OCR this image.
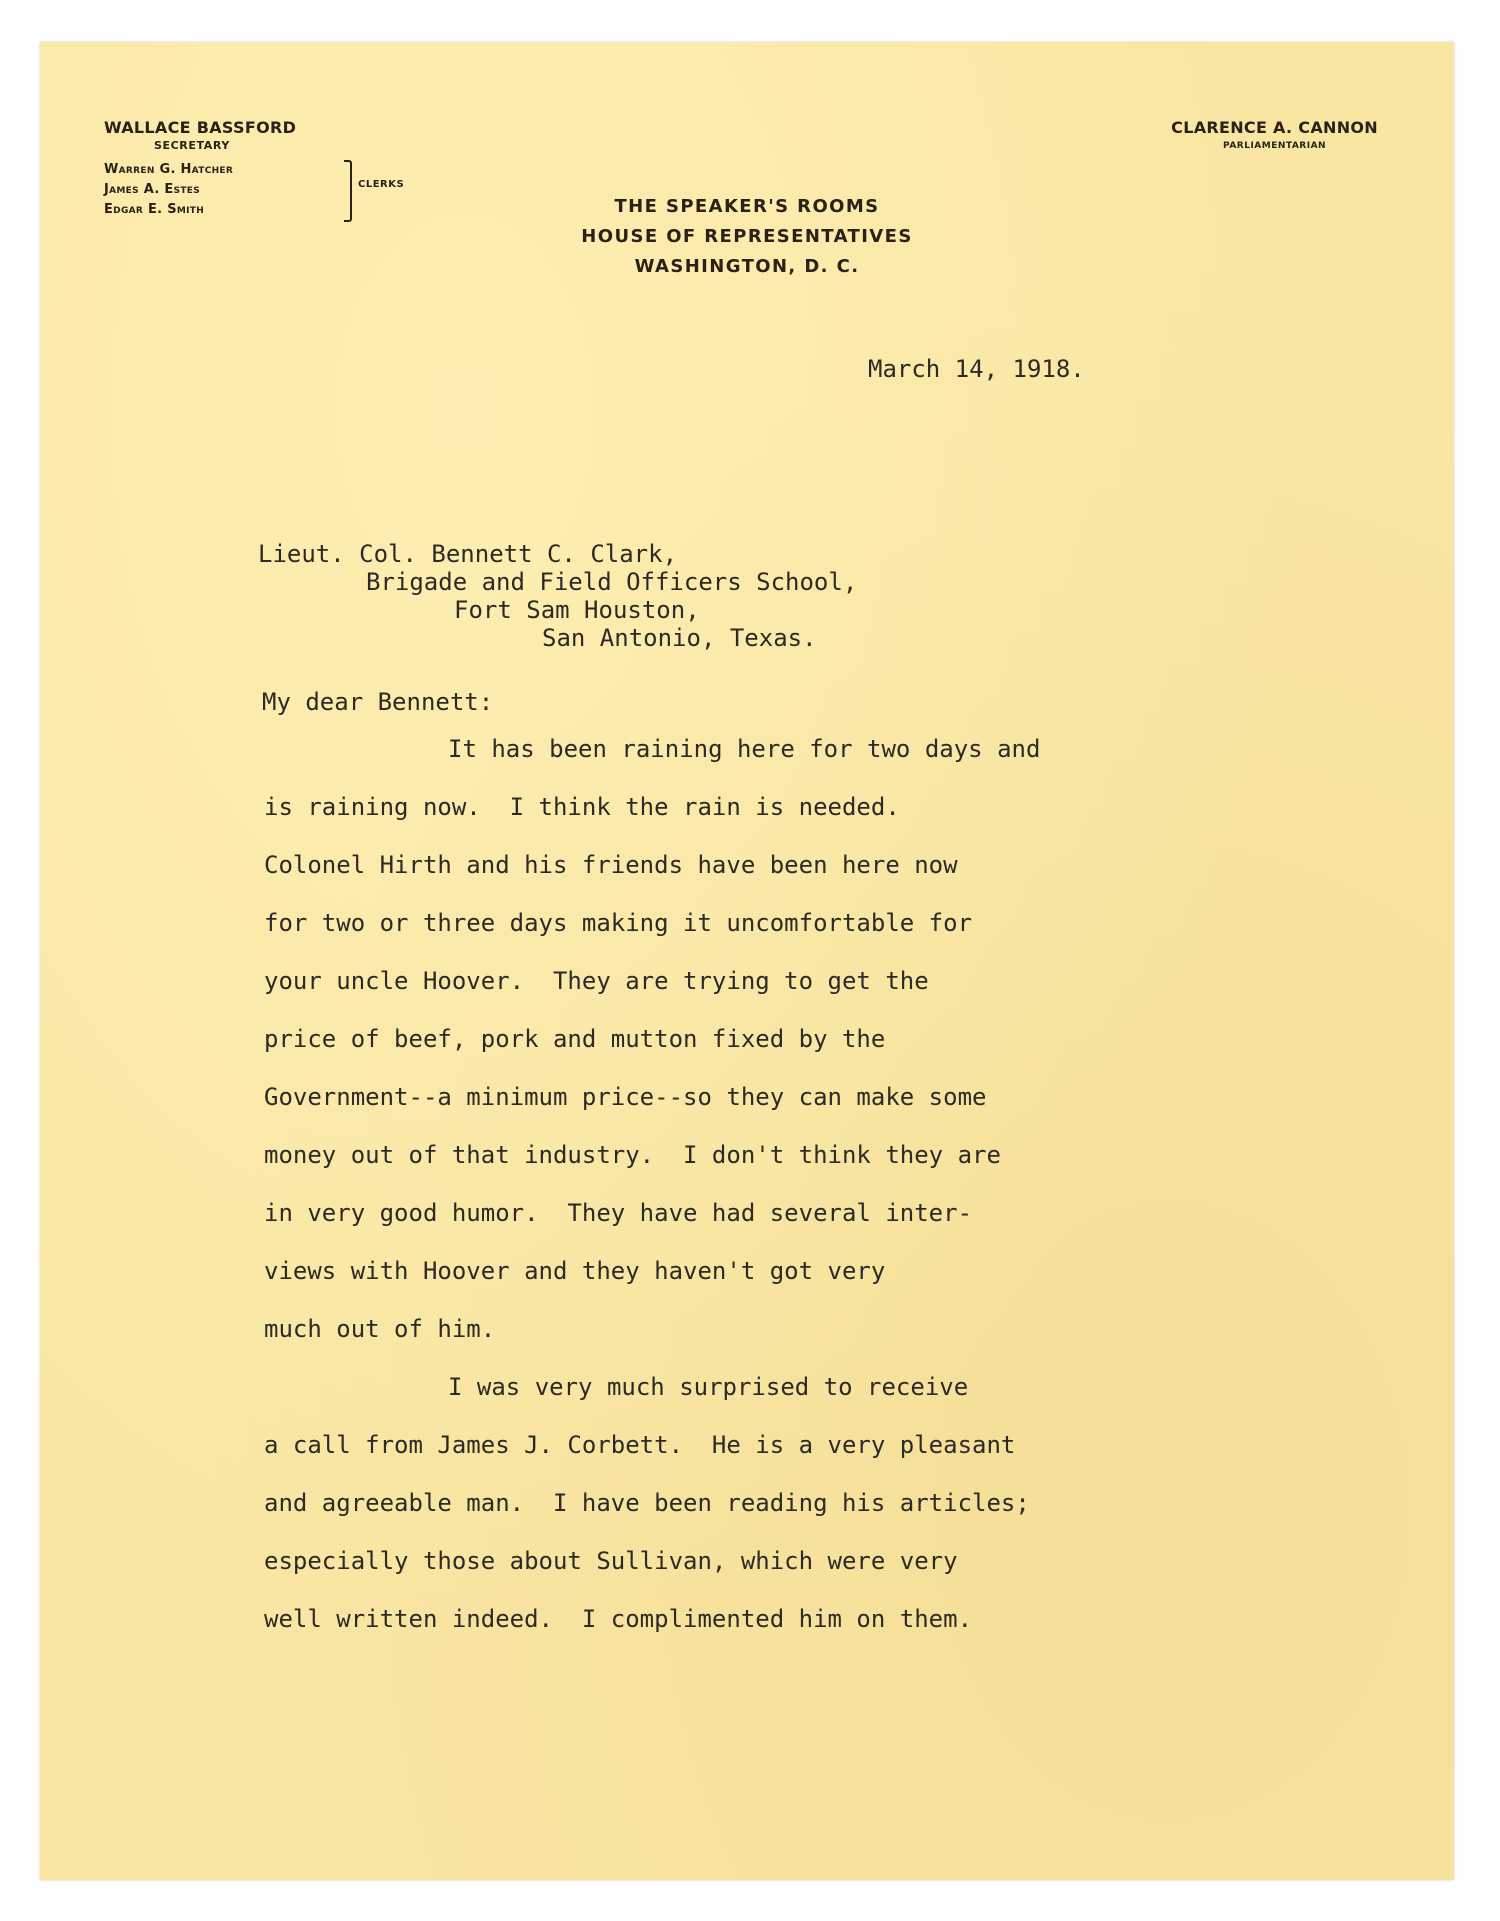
WALLACE BASSFORD
SECRETARY
Warren G. Hatcher
James A. Estes
Edgar E. Smith
CLERKS
CLARENCE A. CANNON
PARLIAMENTARIAN
THE SPEAKER'S ROOMS
HOUSE OF REPRESENTATIVES
WASHINGTON, D. C.
March 14, 1918.
Lieut. Col. Bennett C. Clark,
Brigade and Field Officers School,
Fort Sam Houston,
San Antonio, Texas.
My dear Bennett:
It has been raining here for two days and
is raining now.  I think the rain is needed.
Colonel Hirth and his friends have been here now
for two or three days making it uncomfortable for
your uncle Hoover.  They are trying to get the
price of beef, pork and mutton fixed by the
Government--a minimum price--so they can make some
money out of that industry.  I don't think they are
in very good humor.  They have had several inter-
views with Hoover and they haven't got very
much out of him.
I was very much surprised to receive
a call from James J. Corbett.  He is a very pleasant
and agreeable man.  I have been reading his articles;
especially those about Sullivan, which were very
well written indeed.  I complimented him on them.
